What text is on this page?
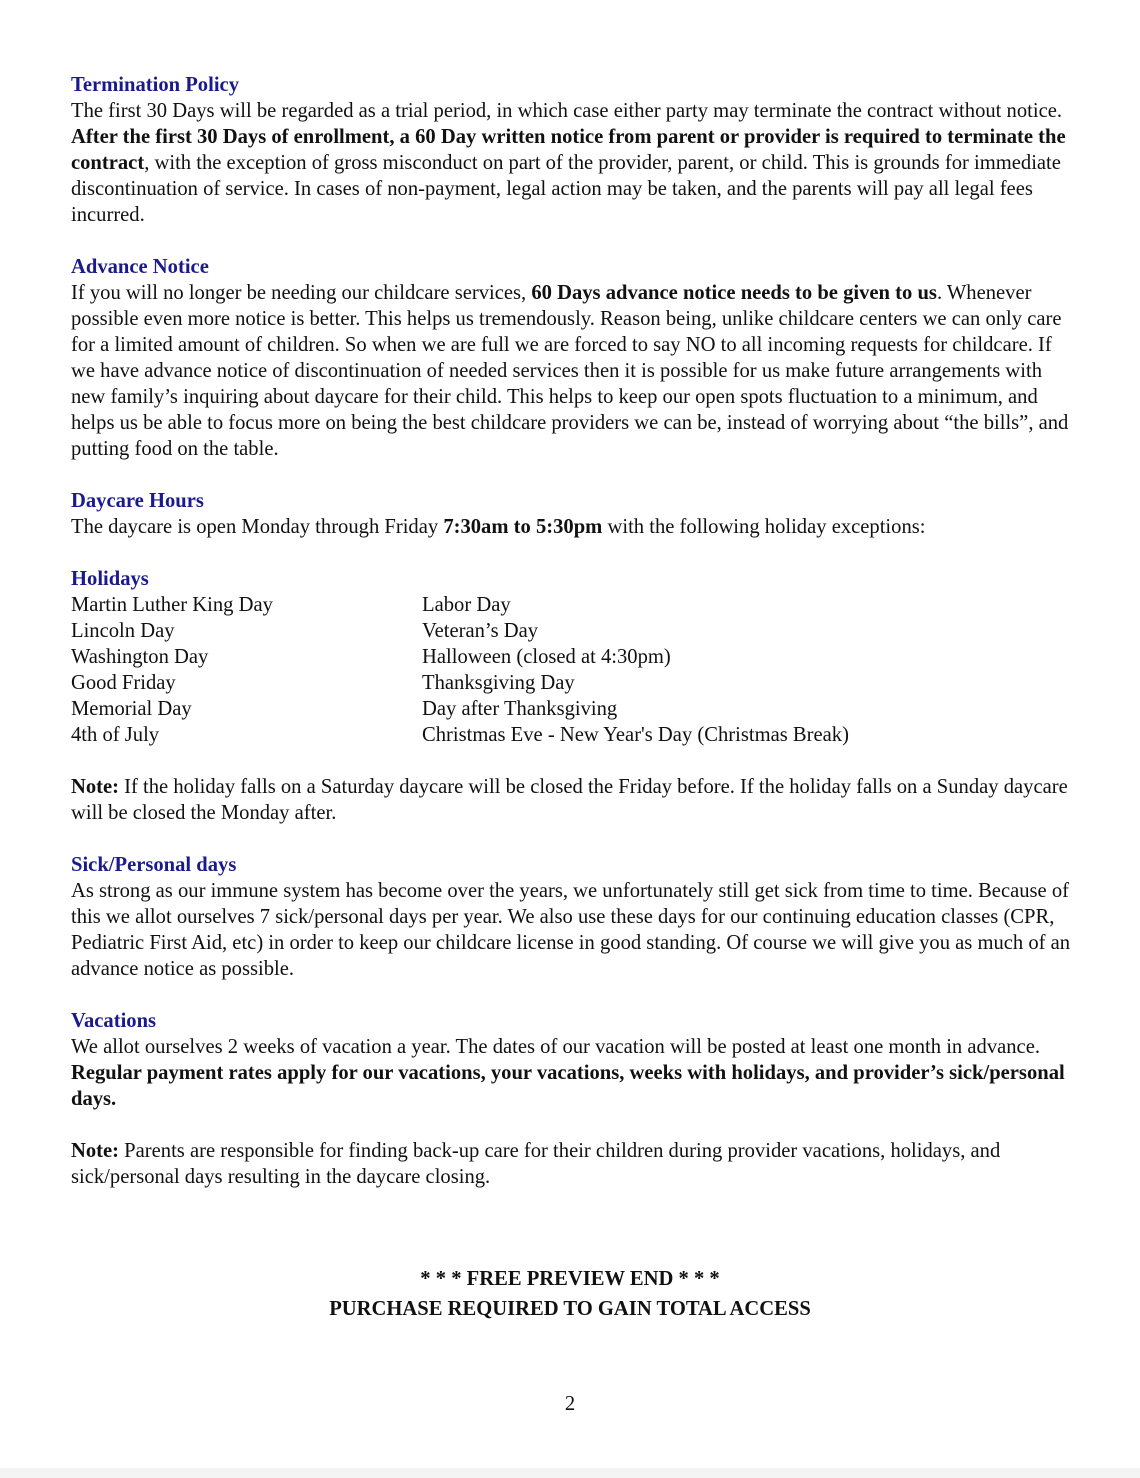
Termination Policy

The first 30 Days will be regarded as a trial period, in which case either party may terminate the contract without notice. After the first 30 Days of enrollment, a 60 Day written notice from parent or provider is required to terminate the contract, with the exception of gross misconduct on part of the provider, parent, or child. This is grounds for immediate discontinuation of service. In cases of non-payment, legal action may be taken, and the parents will pay all legal fees incurred.

Advance Notice

If you will no longer be needing our childcare services, 60 Days advance notice needs to be given to us. Whenever possible even more notice is better. This helps us tremendously. Reason being, unlike childcare centers we can only care for a limited amount of children. So when we are full we are forced to say NO to all incoming requests for childcare. If we have advance notice of discontinuation of needed services then it is possible for us make future arrangements with new family’s inquiring about daycare for their child. This helps to keep our open spots fluctuation to a minimum, and helps us be able to focus more on being the best childcare providers we can be, instead of worrying about “the bills”, and putting food on the table.

Daycare Hours

The daycare is open Monday through Friday 7:30am to 5:30pm with the following holiday exceptions:

Holidays
Martin Luther King Day	Labor Day
Lincoln Day	Veteran’s Day
Washington Day	Halloween (closed at 4:30pm)
Good Friday	Thanksgiving Day
Memorial Day	Day after Thanksgiving
4th of July	Christmas Eve - New Year's Day (Christmas Break)

Note: If the holiday falls on a Saturday daycare will be closed the Friday before. If the holiday falls on a Sunday daycare will be closed the Monday after.

Sick/Personal days

As strong as our immune system has become over the years, we unfortunately still get sick from time to time. Because of this we allot ourselves 7 sick/personal days per year. We also use these days for our continuing education classes (CPR, Pediatric First Aid, etc) in order to keep our childcare license in good standing. Of course we will give you as much of an advance notice as possible.

Vacations

We allot ourselves 2 weeks of vacation a year. The dates of our vacation will be posted at least one month in advance. Regular payment rates apply for our vacations, your vacations, weeks with holidays, and provider’s sick/personal days.

Note: Parents are responsible for finding back-up care for their children during provider vacations, holidays, and sick/personal days resulting in the daycare closing.

* * * FREE PREVIEW END * * *
PURCHASE REQUIRED TO GAIN TOTAL ACCESS
2
